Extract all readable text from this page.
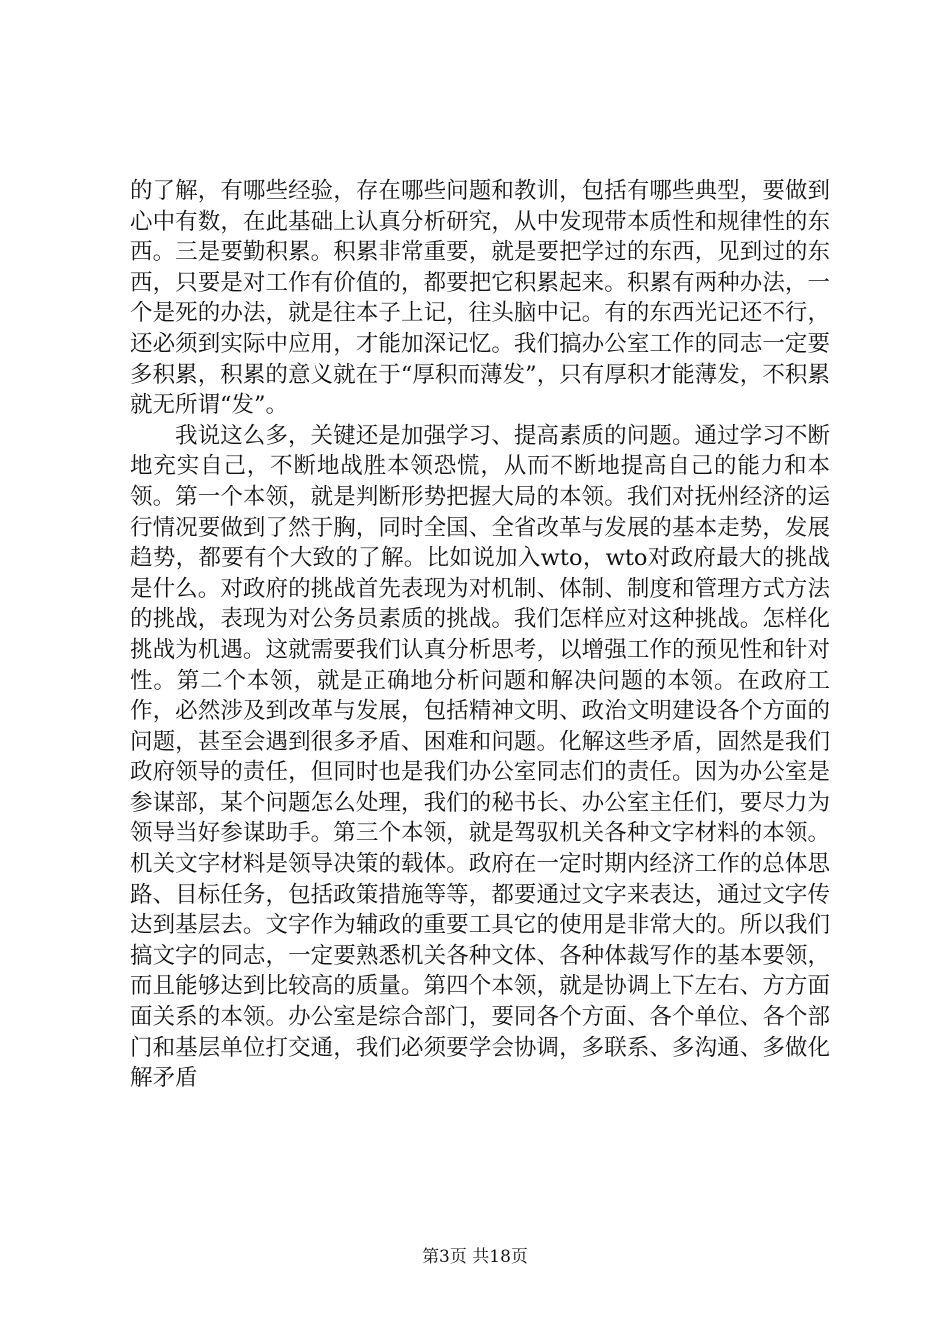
的了解，有哪些经验，存在哪些问题和教训，包括有哪些典型，要做到心中有数，在此基础上认真分析研究，从中发现带本质性和规律性的东西。三是要勤积累。积累非常重要，就是要把学过的东西，见到过的东西，只要是对工作有价值的，都要把它积累起来。积累有两种办法，一个是死的办法，就是往本子上记，往头脑中记。有的东西光记还不行，还必须到实际中应用，才能加深记忆。我们搞办公室工作的同志一定要多积累，积累的意义就在于“厚积而薄发”，只有厚积才能薄发，不积累就无所谓“发”。

我说这么多，关键还是加强学习、提高素质的问题。通过学习不断地充实自己，不断地战胜本领恐慌，从而不断地提高自己的能力和本领。第一个本领，就是判断形势把握大局的本领。我们对抚州经济的运行情况要做到了然于胸，同时全国、全省改革与发展的基本走势，发展趋势，都要有个大致的了解。比如说加入wto，wto对政府最大的挑战是什么。对政府的挑战首先表现为对机制、体制、制度和管理方式方法的挑战，表现为对公务员素质的挑战。我们怎样应对这种挑战。怎样化挑战为机遇。这就需要我们认真分析思考，以增强工作的预见性和针对性。第二个本领，就是正确地分析问题和解决问题的本领。在政府工作，必然涉及到改革与发展，包括精神文明、政治文明建设各个方面的问题，甚至会遇到很多矛盾、困难和问题。化解这些矛盾，固然是我们政府领导的责任，但同时也是我们办公室同志们的责任。因为办公室是参谋部，某个问题怎么处理，我们的秘书长、办公室主任们，要尽力为领导当好参谋助手。第三个本领，就是驾驭机关各种文字材料的本领。机关文字材料是领导决策的载体。政府在一定时期内经济工作的总体思路、目标任务，包括政策措施等等，都要通过文字来表达，通过文字传达到基层去。文字作为辅政的重要工具它的使用是非常大的。所以我们搞文字的同志，一定要熟悉机关各种文体、各种体裁写作的基本要领，而且能够达到比较高的质量。第四个本领，就是协调上下左右、方方面面关系的本领。办公室是综合部门，要同各个方面、各个单位、各个部门和基层单位打交通，我们必须要学会协调，多联系、多沟通、多做化解矛盾

第3页 共18页
